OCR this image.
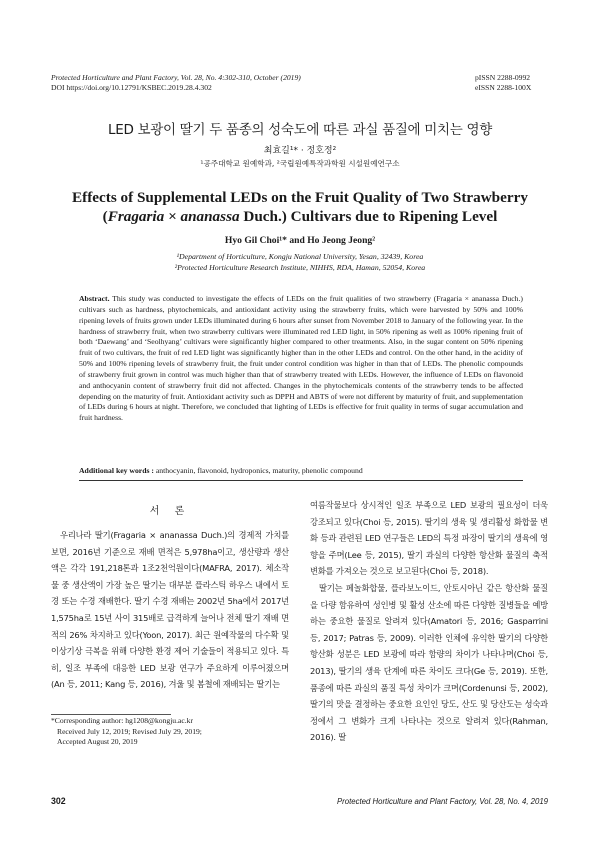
Protected Horticulture and Plant Factory, Vol. 28, No. 4:302-310, October (2019)
DOI https://doi.org/10.12791/KSBEC.2019.28.4.302
pISSN 2288-0992
eISSN 2288-100X
LED 보광이 딸기 두 품종의 성숙도에 따른 과실 품질에 미치는 영향
최효길¹* · 정호정²
¹공주대학교 원예학과, ²국립원예특작과학원 시설원예연구소
Effects of Supplemental LEDs on the Fruit Quality of Two Strawberry
(Fragaria × ananassa Duch.) Cultivars due to Ripening Level
Hyo Gil Choi¹* and Ho Jeong Jeong²
¹Department of Horticulture, Kongju National University, Yesan, 32439, Korea
²Protected Horticulture Research Institute, NIHHS, RDA, Haman, 52054, Korea
Abstract. This study was conducted to investigate the effects of LEDs on the fruit qualities of two strawberry (Fragaria × ananassa Duch.) cultivars such as hardness, phytochemicals, and antioxidant activity using the strawberry fruits, which were harvested by 50% and 100% ripening levels of fruits grown under LEDs illuminated during 6 hours after sunset from November 2018 to January of the following year. In the hardness of strawberry fruit, when two strawberry cultivars were illuminated red LED light, in 50% ripening as well as 100% ripening fruit of both ‘Daewang’ and ‘Seolhyang’ cultivars were significantly higher compared to other treatments. Also, in the sugar content on 50% ripening fruit of two cultivars, the fruit of red LED light was significantly higher than in the other LEDs and control. On the other hand, in the acidity of 50% and 100% ripening levels of strawberry fruit, the fruit under control condition was higher in than that of LEDs. The phenolic compounds of strawberry fruit grown in control was much higher than that of strawberry treated with LEDs. However, the influence of LEDs on flavonoid and anthocyanin content of strawberry fruit did not affected. Changes in the phytochemicals contents of the strawberry tends to be affected depending on the maturity of fruit. Antioxidant activity such as DPPH and ABTS of were not different by maturity of fruit, and supplementation of LEDs during 6 hours at night. Therefore, we concluded that lighting of LEDs is effective for fruit quality in terms of sugar accumulation and fruit hardness.
Additional key words : anthocyanin, flavonoid, hydroponics, maturity, phenolic compound
서 론

우리나라 딸기(Fragaria × ananassa Duch.)의 경제적 가치를 보면, 2016년 기준으로 재배 면적은 5,978ha이고, 생산량과 생산액은 각각 191,218톤과 1조2천억원이다(MAFRA, 2017). 체소작물 중 생산액이 가장 높은 딸기는 대부분 플라스틱 하우스 내에서 토경 또는 수경 재배한다. 딸기 수경 재배는 2002년 5ha에서 2017년 1,575ha로 15년 사이 315배로 급격하게 늘어나 전체 딸기 재배 면적의 26% 차지하고 있다(Yoon, 2017). 최근 원예작물의 다수확 및 이상기상 극복을 위해 다양한 환경 제어 기술들이 적용되고 있다. 특히, 일조 부족에 대응한 LED 보광 연구가 주요하게 이루어졌으며(An 등, 2011; Kang 등, 2016), 겨울 및 봄철에 재배되는 딸기는

*Corresponding author: hg1208@kongju.ac.kr
Received July 12, 2019; Revised July 29, 2019;
Accepted August 20, 2019

여름작물보다 상시적인 일조 부족으로 LED 보광의 필요성이 더욱 강조되고 있다(Choi 등, 2015). 딸기의 생육 및 생리활성 화합물 변화 등과 관련된 LED 연구들은 LED의 특정 파장이 딸기의 생육에 영향을 주며(Lee 등, 2015), 딸기 과실의 다양한 항산화 물질의 축적 변화를 가져오는 것으로 보고된다(Choi 등, 2018).

딸기는 페놀화합물, 플라보노이드, 안토시아닌 같은 항산화 물질을 다량 함유하여 성인병 및 활성 산소에 따른 다양한 질병들을 예방하는 중요한 물질로 알려져 있다(Amatori 등, 2016; Gasparrini 등, 2017; Patras 등, 2009). 이러한 인체에 유익한 딸기의 다양한 항산화 성분은 LED 보광에 따라 함량의 차이가 나타나며(Choi 등, 2013), 딸기의 생육 단계에 따른 차이도 크다(Ge 등, 2019). 또한, 품종에 따른 과실의 품질 특성 차이가 크며(Cordenunsi 등, 2002), 딸기의 맛을 결정하는 중요한 요인인 당도, 산도 및 당산도는 성숙과정에서 그 변화가 크게 나타나는 것으로 알려져 있다(Rahman, 2016). 딸

302	Protected Horticulture and Plant Factory, Vol. 28, No. 4, 2019
